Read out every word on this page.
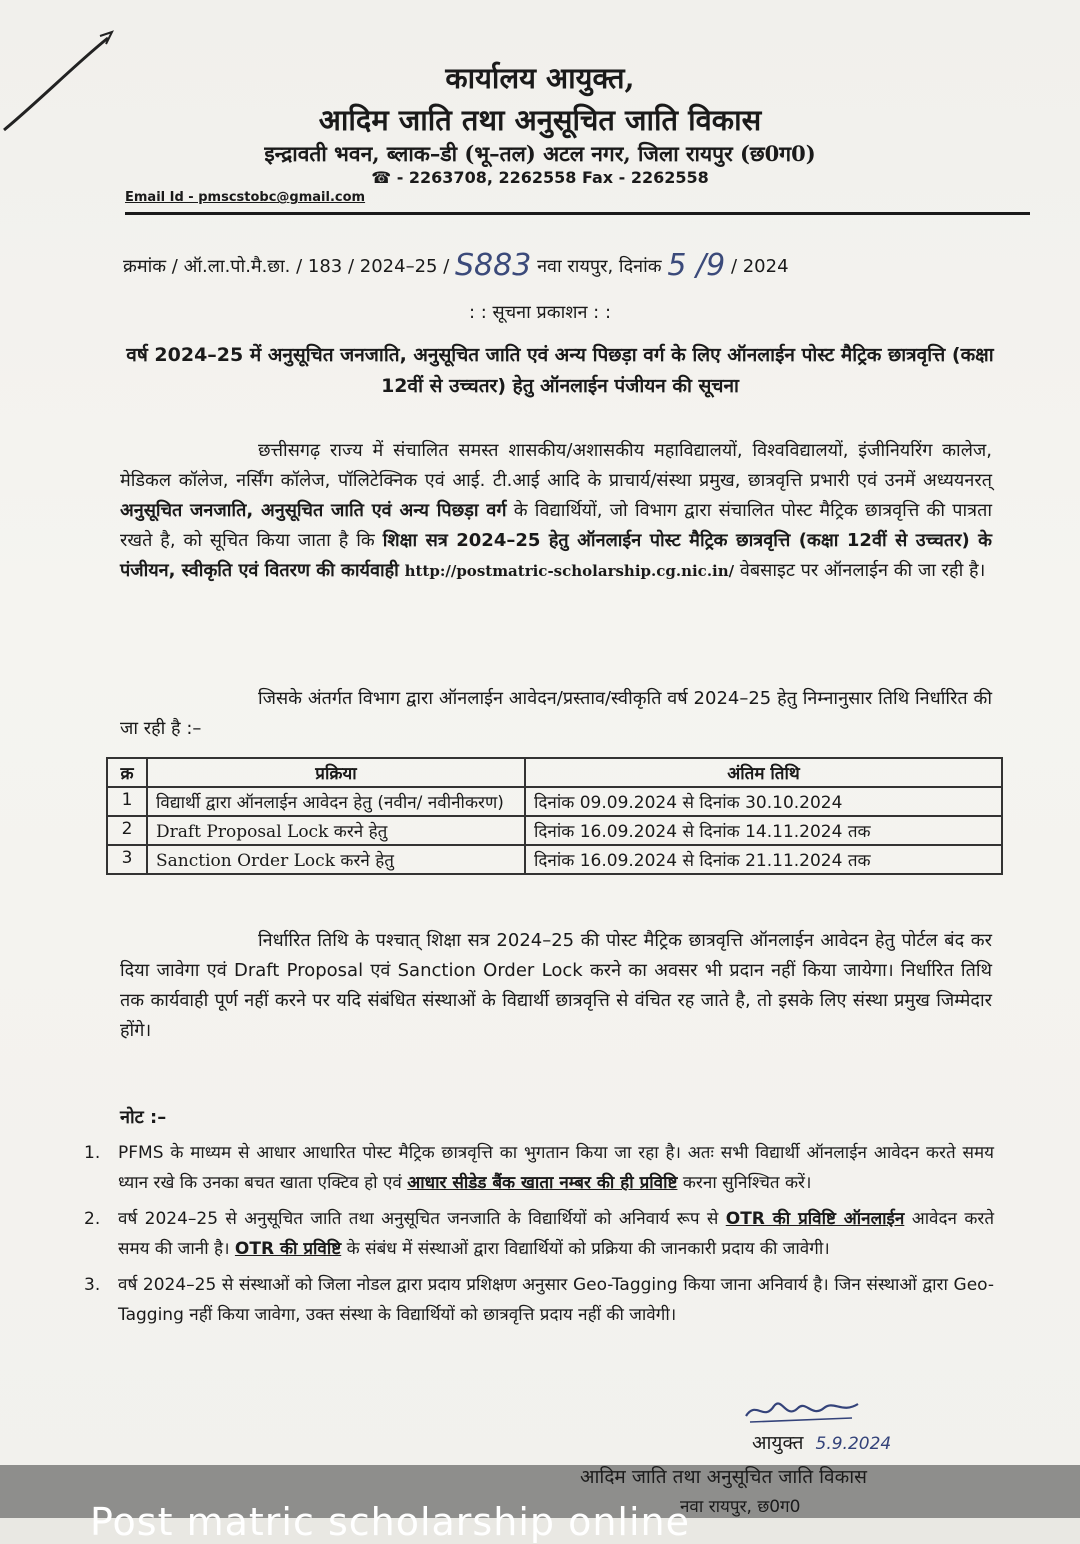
कार्यालय आयुक्त,
आदिम जाति तथा अनुसूचित जाति विकास
इन्द्रावती भवन, ब्लाक–डी (भू–तल) अटल नगर, जिला रायपुर (छ0ग0)
☎ - 2263708, 2262558 Fax - 2262558
Email Id - pmscstobc@gmail.com
क्रमांक / ऑ.ला.पो.मै.छा. / 183 / 2024–25 / S883 नवा रायपुर, दिनांक 5 /9 / 2024
: : सूचना प्रकाशन : :
वर्ष 2024–25 में अनुसूचित जनजाति, अनुसूचित जाति एवं अन्य पिछड़ा वर्ग के लिए ऑनलाईन पोस्ट मैट्रिक छात्रवृत्ति (कक्षा 12वीं से उच्चतर) हेतु ऑनलाईन पंजीयन की सूचना
छत्तीसगढ़ राज्य में संचालित समस्त शासकीय/अशासकीय महाविद्यालयों, विश्वविद्यालयों, इंजीनियरिंग कालेज, मेडिकल कॉलेज, नर्सिंग कॉलेज, पॉलिटेक्निक एवं आई. टी.आई आदि के प्राचार्य/संस्था प्रमुख, छात्रवृत्ति प्रभारी एवं उनमें अध्ययनरत् अनुसूचित जनजाति, अनुसूचित जाति एवं अन्य पिछड़ा वर्ग के विद्यार्थियों, जो विभाग द्वारा संचालित पोस्ट मैट्रिक छात्रवृत्ति की पात्रता रखते है, को सूचित किया जाता है कि शिक्षा सत्र 2024–25 हेतु ऑनलाईन पोस्ट मैट्रिक छात्रवृत्ति (कक्षा 12वीं से उच्चतर) के पंजीयन, स्वीकृति एवं वितरण की कार्यवाही http://postmatric-scholarship.cg.nic.in/ वेबसाइट पर ऑनलाईन की जा रही है।
जिसके अंतर्गत विभाग द्वारा ऑनलाईन आवेदन/प्रस्ताव/स्वीकृति वर्ष 2024–25 हेतु निम्नानुसार तिथि निर्धारित की जा रही है :–
क्र	प्रक्रिया	अंतिम तिथि
1	विद्यार्थी द्वारा ऑनलाईन आवेदन हेतु (नवीन/ नवीनीकरण)	दिनांक 09.09.2024 से दिनांक 30.10.2024
2	Draft Proposal Lock करने हेतु	दिनांक 16.09.2024 से दिनांक 14.11.2024 तक
3	Sanction Order Lock करने हेतु	दिनांक 16.09.2024 से दिनांक 21.11.2024 तक
निर्धारित तिथि के पश्चात् शिक्षा सत्र 2024–25 की पोस्ट मैट्रिक छात्रवृत्ति ऑनलाईन आवेदन हेतु पोर्टल बंद कर दिया जावेगा एवं Draft Proposal एवं Sanction Order Lock करने का अवसर भी प्रदान नहीं किया जायेगा। निर्धारित तिथि तक कार्यवाही पूर्ण नहीं करने पर यदि संबंधित संस्थाओं के विद्यार्थी छात्रवृत्ति से वंचित रह जाते है, तो इसके लिए संस्था प्रमुख जिम्मेदार होंगे।
नोट :–
1.	PFMS के माध्यम से आधार आधारित पोस्ट मैट्रिक छात्रवृत्ति का भुगतान किया जा रहा है। अतः सभी विद्यार्थी ऑनलाईन आवेदन करते समय ध्यान रखे कि उनका बचत खाता एक्टिव हो एवं आधार सीडेड बैंक खाता नम्बर की ही प्रविष्टि करना सुनिश्चित करें।
2.	वर्ष 2024–25 से अनुसूचित जाति तथा अनुसूचित जनजाति के विद्यार्थियों को अनिवार्य रूप से OTR की प्रविष्टि ऑनलाईन आवेदन करते समय की जानी है। OTR की प्रविष्टि के संबंध में संस्थाओं द्वारा विद्यार्थियों को प्रक्रिया की जानकारी प्रदाय की जावेगी।
3.	वर्ष 2024–25 से संस्थाओं को जिला नोडल द्वारा प्रदाय प्रशिक्षण अनुसार Geo-Tagging किया जाना अनिवार्य है। जिन संस्थाओं द्वारा Geo-Tagging नहीं किया जावेगा, उक्त संस्था के विद्यार्थियों को छात्रवृत्ति प्रदाय नहीं की जावेगी।
आयुक्त 5.9.2024
आदिम जाति तथा अनुसूचित जाति विकास
नवा रायपुर, छ0ग0
Post matric scholarship online
